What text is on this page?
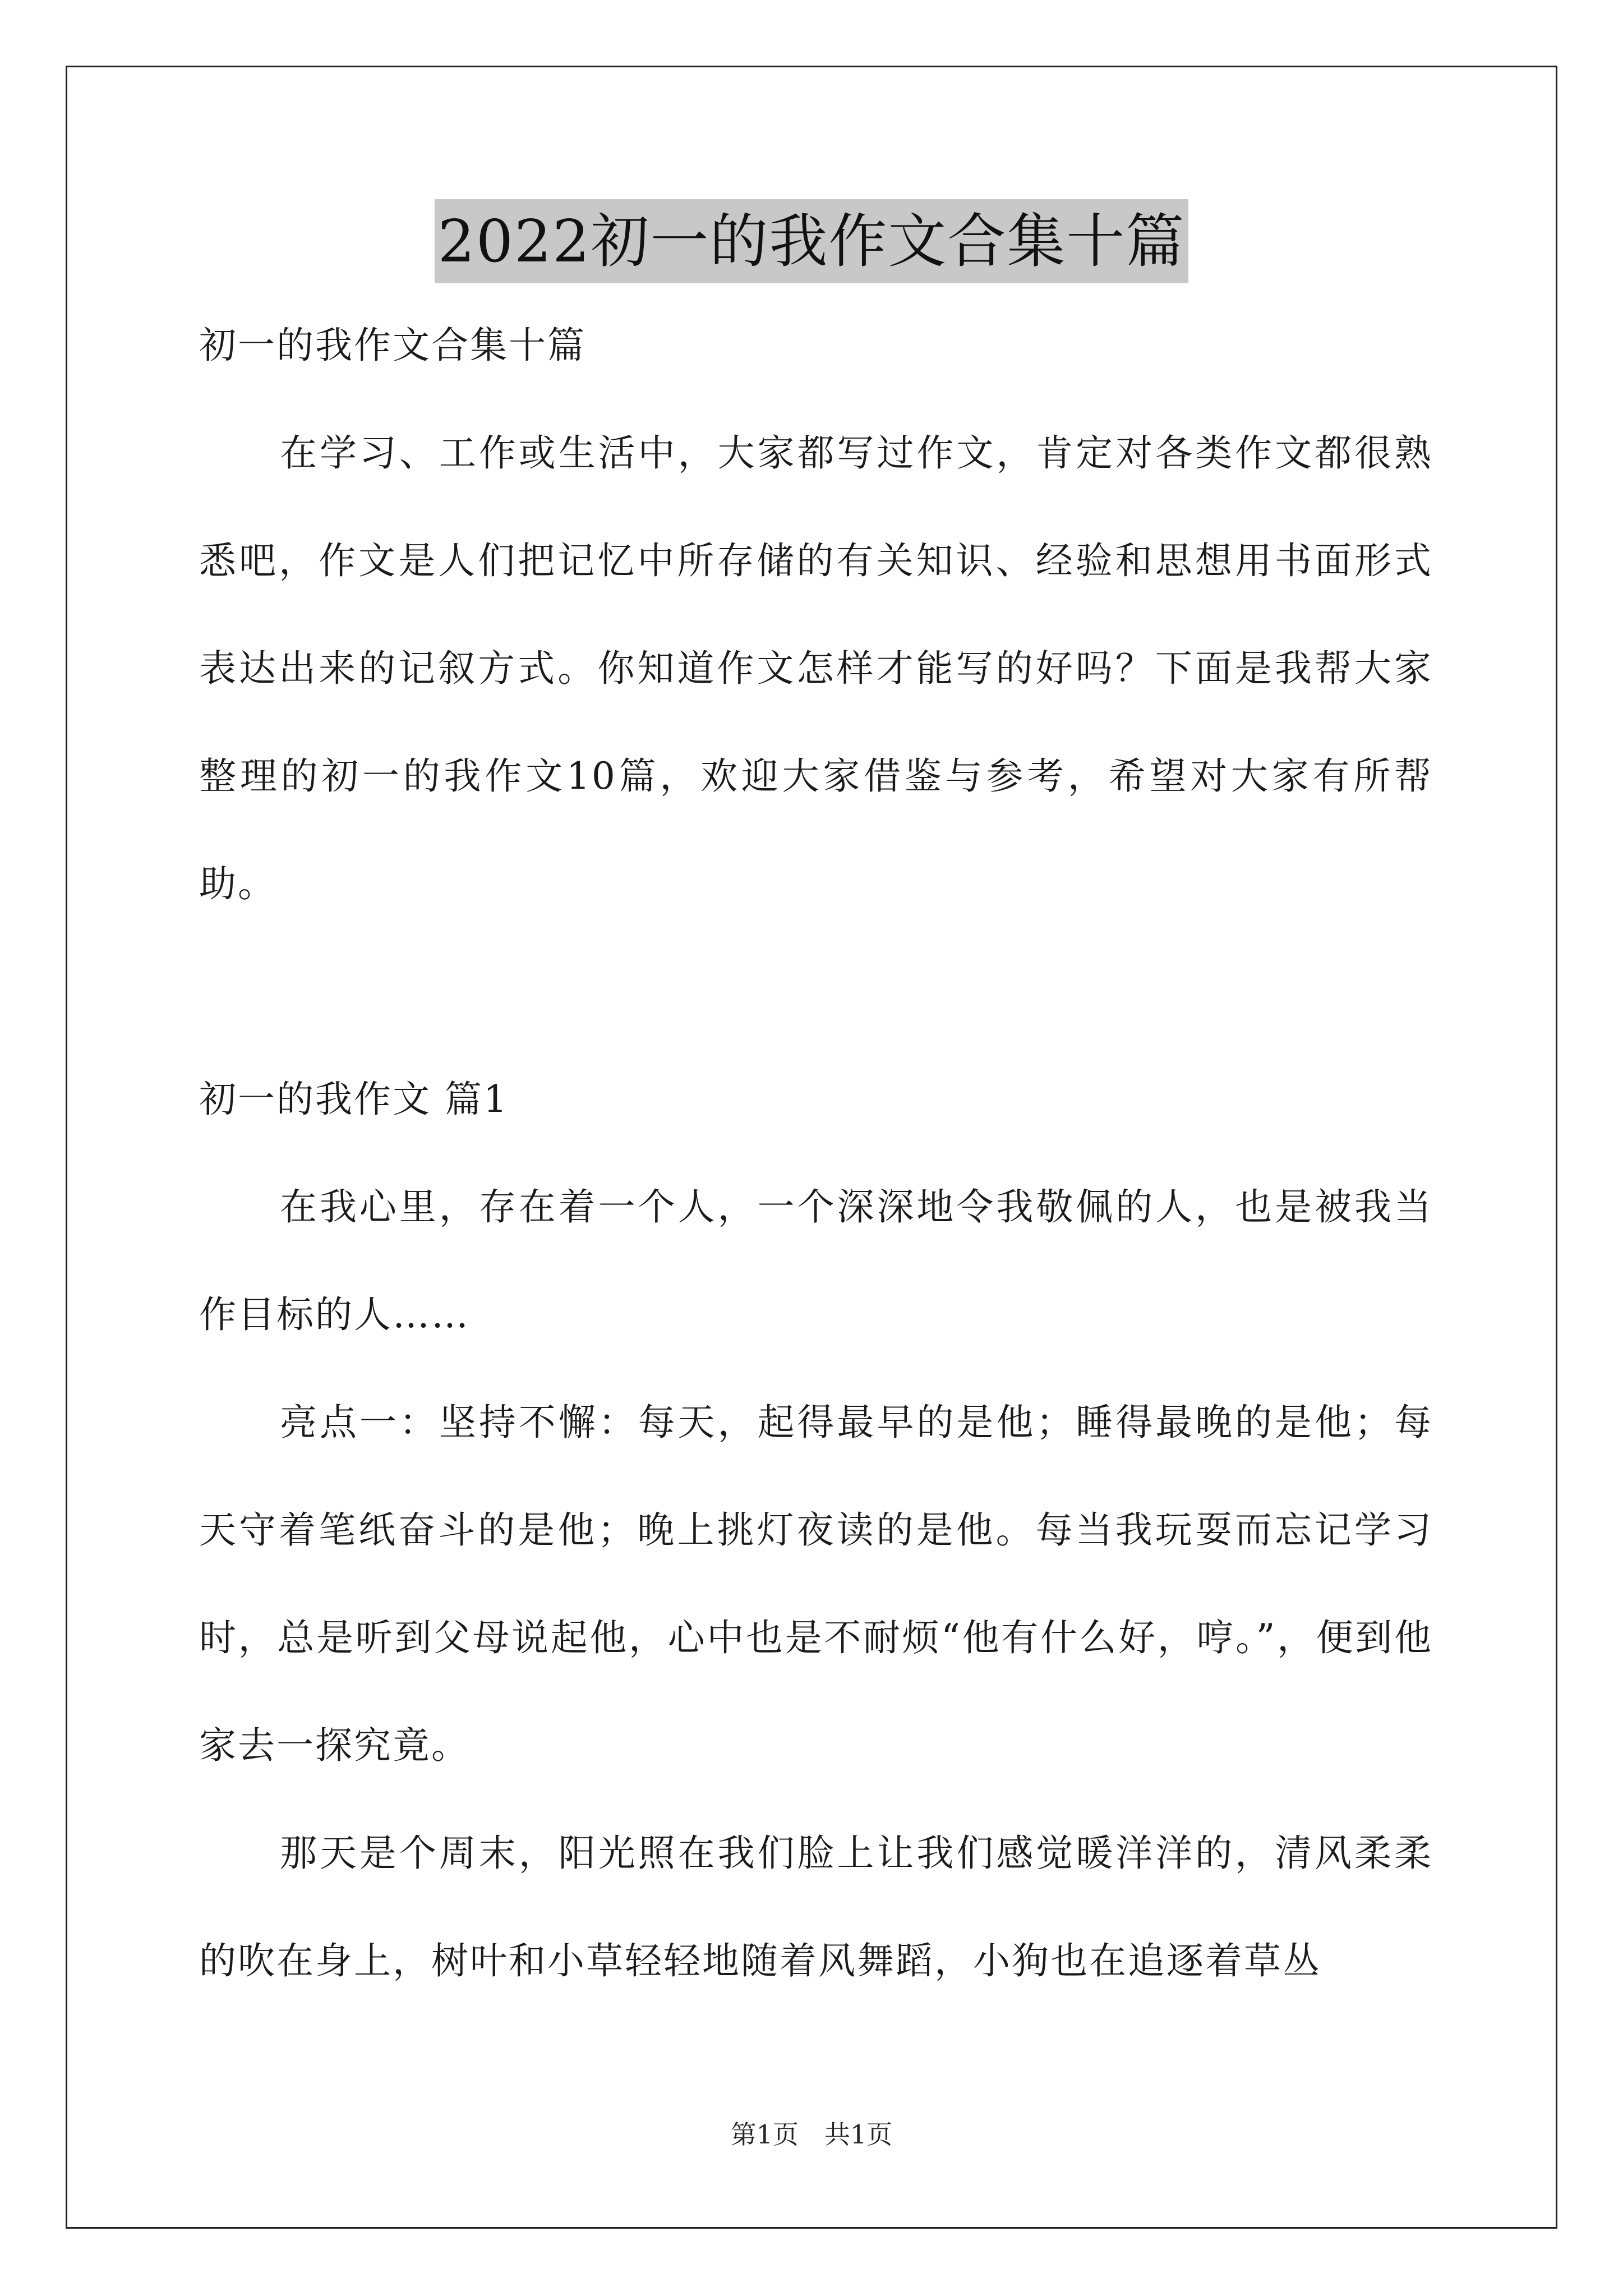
2022初一的我作文合集十篇

初一的我作文合集十篇

在学习、工作或生活中，大家都写过作文，肯定对各类作文都很熟悉吧，作文是人们把记忆中所存储的有关知识、经验和思想用书面形式表达出来的记叙方式。你知道作文怎样才能写的好吗？下面是我帮大家整理的初一的我作文10篇，欢迎大家借鉴与参考，希望对大家有所帮助。

初一的我作文 篇1

在我心里，存在着一个人，一个深深地令我敬佩的人，也是被我当作目标的人……

亮点一：坚持不懈：每天，起得最早的是他；睡得最晚的是他；每天守着笔纸奋斗的是他；晚上挑灯夜读的是他。每当我玩耍而忘记学习时，总是听到父母说起他，心中也是不耐烦“他有什么好，哼。”，便到他家去一探究竟。

那天是个周末，阳光照在我们脸上让我们感觉暖洋洋的，清风柔柔的吹在身上，树叶和小草轻轻地随着风舞蹈，小狗也在追逐着草丛

第1页 共1页
